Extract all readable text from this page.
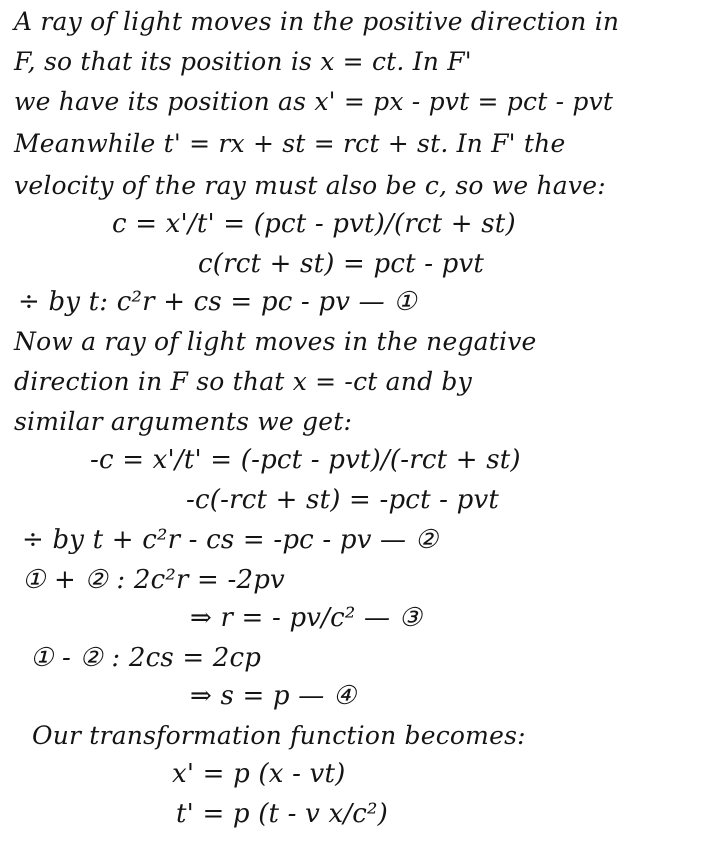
A ray of light moves in the positive direction in

F, so that its position is x = ct. In F'

we have its position as x' = px - pvt = pct - pvt

Meanwhile t' = rx + st = rct + st. In F' the

velocity of the ray must also be c, so we have:

c = x'/t' = (pct - pvt)/(rct + st)

c(rct + st) = pct - pvt

÷ by t: c²r + cs = pc - pv — ①

Now a ray of light moves in the negative

direction in F so that x = -ct and by

similar arguments we get:

-c = x'/t' = (-pct - pvt)/(-rct + st)

-c(-rct + st) = -pct - pvt

÷ by t + c²r - cs = -pc - pv — ②

① + ② : 2c²r = -2pv

⇒ r = - pv/c² — ③

① - ② : 2cs = 2cp

⇒ s = p — ④

Our transformation function becomes:

x' = p (x - vt)

t' = p (t - v x/c²)
